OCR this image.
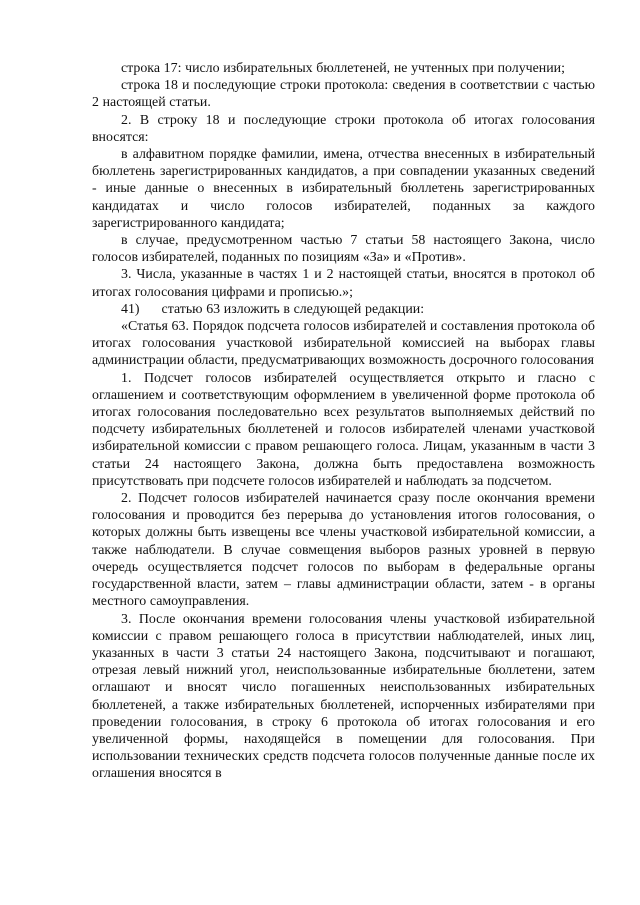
строка 17: число избирательных бюллетеней, не учтенных при получении;

строка 18 и последующие строки протокола: сведения в соответствии с частью 2 настоящей статьи.

2. В строку 18 и последующие строки протокола об итогах голосования вносятся:

в алфавитном порядке фамилии, имена, отчества внесенных в избирательный бюллетень зарегистрированных кандидатов, а при совпадении указанных сведений - иные данные о внесенных в избирательный бюллетень зарегистрированных кандидатах и число голосов избирателей, поданных за каждого зарегистрированного кандидата;

в случае, предусмотренном частью 7 статьи 58 настоящего Закона, число голосов избирателей, поданных по позициям «За» и «Против».

3. Числа, указанные в частях 1 и 2 настоящей статьи, вносятся в протокол об итогах голосования цифрами и прописью.»;

41)      статью 63 изложить в следующей редакции:

«Статья 63. Порядок подсчета голосов избирателей и составления протокола об итогах голосования участковой избирательной комиссией на выборах главы администрации области, предусматривающих возможность досрочного голосования

1. Подсчет голосов избирателей осуществляется открыто и гласно с оглашением и соответствующим оформлением в увеличенной форме протокола об итогах голосования последовательно всех результатов выполняемых действий по подсчету избирательных бюллетеней и голосов избирателей членами участковой избирательной комиссии с правом решающего голоса. Лицам, указанным в части 3 статьи 24 настоящего Закона, должна быть предоставлена возможность присутствовать при подсчете голосов избирателей и наблюдать за подсчетом.

2. Подсчет голосов избирателей начинается сразу после окончания времени голосования и проводится без перерыва до установления итогов голосования, о которых должны быть извещены все члены участковой избирательной комиссии, а также наблюдатели. В случае совмещения выборов разных уровней в первую очередь осуществляется подсчет голосов по выборам в федеральные органы государственной власти, затем – главы администрации области, затем - в органы местного самоуправления.

3. После окончания времени голосования члены участковой избирательной комиссии с правом решающего голоса в присутствии наблюдателей, иных лиц, указанных в части 3 статьи 24 настоящего Закона, подсчитывают и погашают, отрезая левый нижний угол, неиспользованные избирательные бюллетени, затем оглашают и вносят число погашенных неиспользованных избирательных бюллетеней, а также избирательных бюллетеней, испорченных избирателями при проведении голосования, в строку 6 протокола об итогах голосования и его увеличенной формы, находящейся в помещении для голосования. При использовании технических средств подсчета голосов полученные данные после их оглашения вносятся в
